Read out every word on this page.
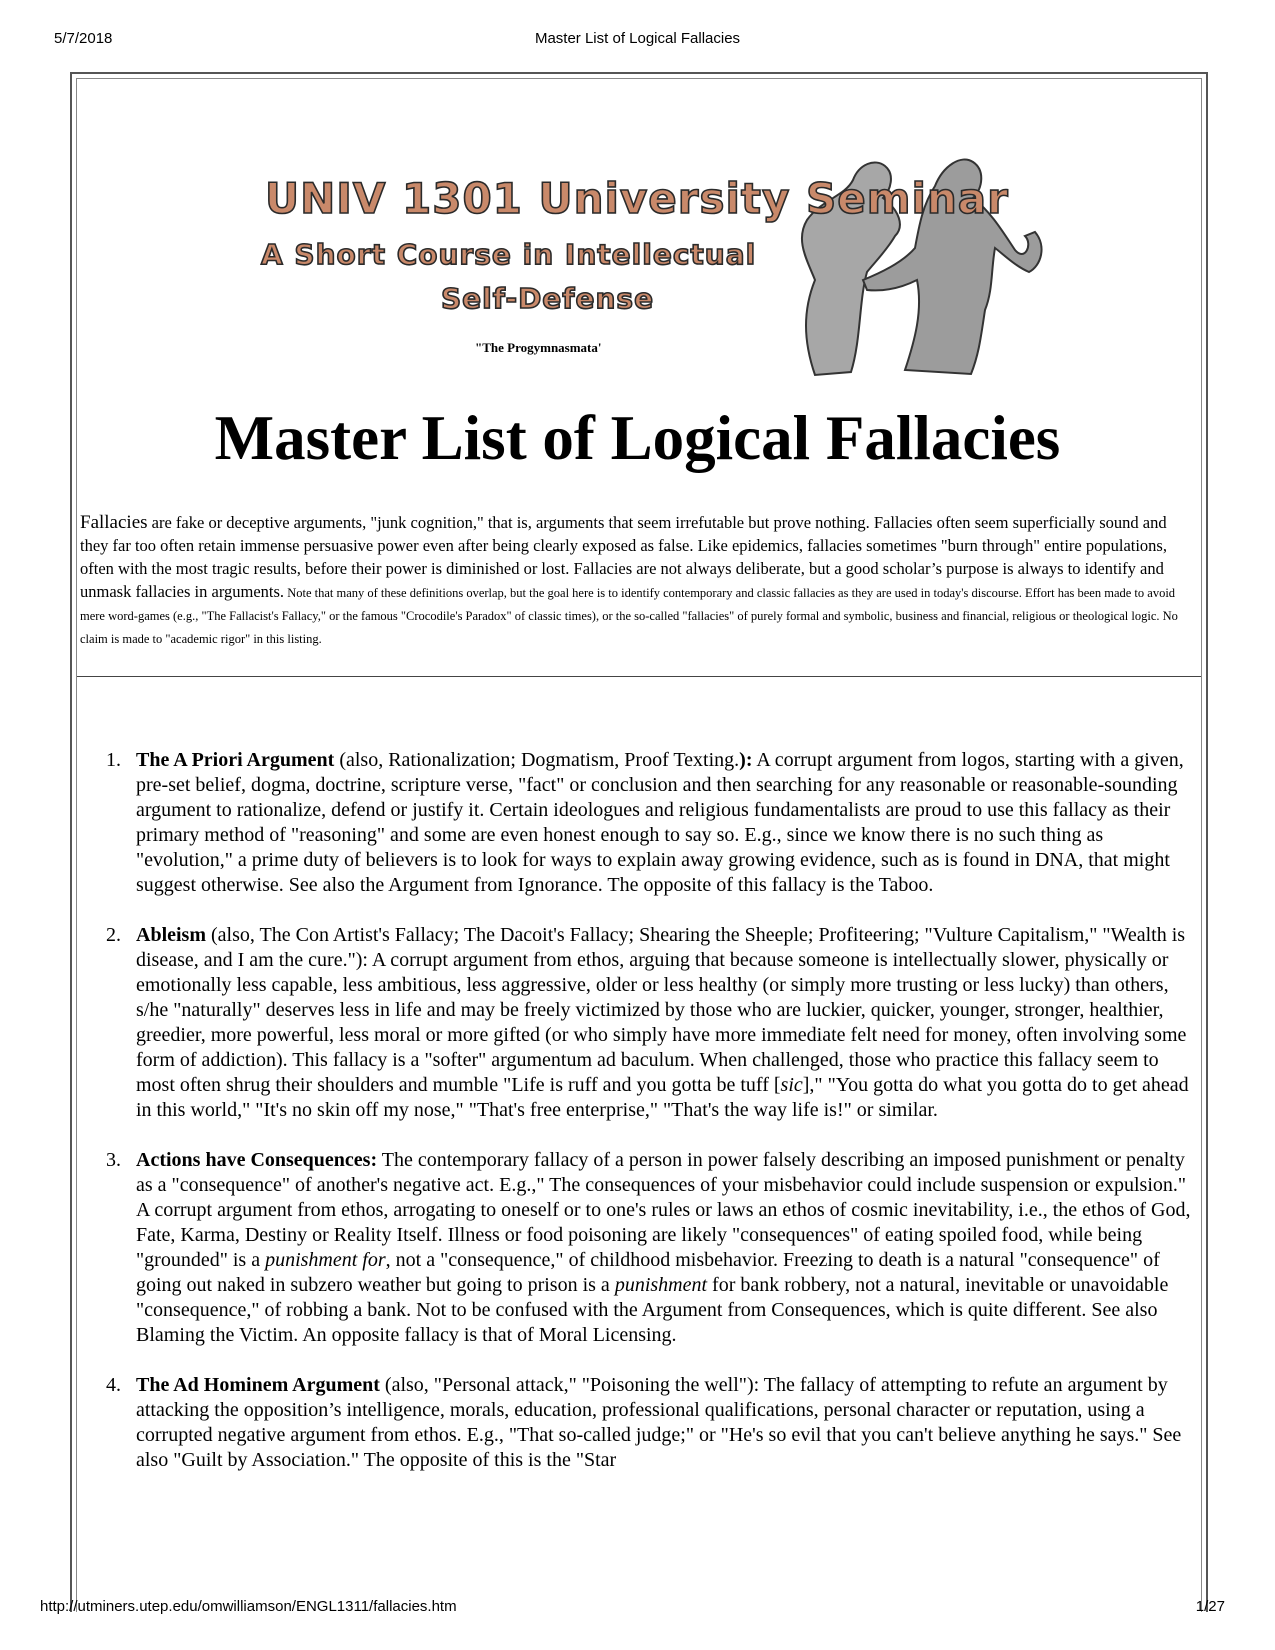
5/7/2018	Master List of Logical Fallacies
UNIV 1301 University Seminar
A Short Course in Intellectual
Self-Defense
"The Progymnasmata'
Master List of Logical Fallacies

Fallacies are fake or deceptive arguments, "junk cognition," that is, arguments that seem irrefutable but prove nothing. Fallacies often seem superficially sound and they far too often retain immense persuasive power even after being clearly exposed as false. Like epidemics, fallacies sometimes "burn through" entire populations, often with the most tragic results, before their power is diminished or lost. Fallacies are not always deliberate, but a good scholar’s purpose is always to identify and unmask fallacies in arguments. Note that many of these definitions overlap, but the goal here is to identify contemporary and classic fallacies as they are used in today's discourse. Effort has been made to avoid mere word-games (e.g., "The Fallacist's Fallacy," or the famous "Crocodile's Paradox" of classic times), or the so-called "fallacies" of purely formal and symbolic, business and financial, religious or theological logic. No claim is made to "academic rigor" in this listing.

1. The A Priori Argument (also, Rationalization; Dogmatism, Proof Texting.): A corrupt argument from logos, starting with a given, pre-set belief, dogma, doctrine, scripture verse, "fact" or conclusion and then searching for any reasonable or reasonable-sounding argument to rationalize, defend or justify it. Certain ideologues and religious fundamentalists are proud to use this fallacy as their primary method of "reasoning" and some are even honest enough to say so. E.g., since we know there is no such thing as "evolution," a prime duty of believers is to look for ways to explain away growing evidence, such as is found in DNA, that might suggest otherwise. See also the Argument from Ignorance. The opposite of this fallacy is the Taboo.
2. Ableism (also, The Con Artist's Fallacy; The Dacoit's Fallacy; Shearing the Sheeple; Profiteering; "Vulture Capitalism," "Wealth is disease, and I am the cure."): A corrupt argument from ethos, arguing that because someone is intellectually slower, physically or emotionally less capable, less ambitious, less aggressive, older or less healthy (or simply more trusting or less lucky) than others, s/he "naturally" deserves less in life and may be freely victimized by those who are luckier, quicker, younger, stronger, healthier, greedier, more powerful, less moral or more gifted (or who simply have more immediate felt need for money, often involving some form of addiction). This fallacy is a "softer" argumentum ad baculum. When challenged, those who practice this fallacy seem to most often shrug their shoulders and mumble "Life is ruff and you gotta be tuff [sic]," "You gotta do what you gotta do to get ahead in this world," "It's no skin off my nose," "That's free enterprise," "That's the way life is!" or similar.
3. Actions have Consequences: The contemporary fallacy of a person in power falsely describing an imposed punishment or penalty as a "consequence" of another's negative act. E.g.," The consequences of your misbehavior could include suspension or expulsion." A corrupt argument from ethos, arrogating to oneself or to one's rules or laws an ethos of cosmic inevitability, i.e., the ethos of God, Fate, Karma, Destiny or Reality Itself. Illness or food poisoning are likely "consequences" of eating spoiled food, while being "grounded" is a punishment for, not a "consequence," of childhood misbehavior. Freezing to death is a natural "consequence" of going out naked in subzero weather but going to prison is a punishment for bank robbery, not a natural, inevitable or unavoidable "consequence," of robbing a bank. Not to be confused with the Argument from Consequences, which is quite different. See also Blaming the Victim. An opposite fallacy is that of Moral Licensing.
4. The Ad Hominem Argument (also, "Personal attack," "Poisoning the well"): The fallacy of attempting to refute an argument by attacking the opposition’s intelligence, morals, education, professional qualifications, personal character or reputation, using a corrupted negative argument from ethos. E.g., "That so-called judge;" or "He's so evil that you can't believe anything he says." See also "Guilt by Association." The opposite of this is the "Star
http://utminers.utep.edu/omwilliamson/ENGL1311/fallacies.htm	1/27
